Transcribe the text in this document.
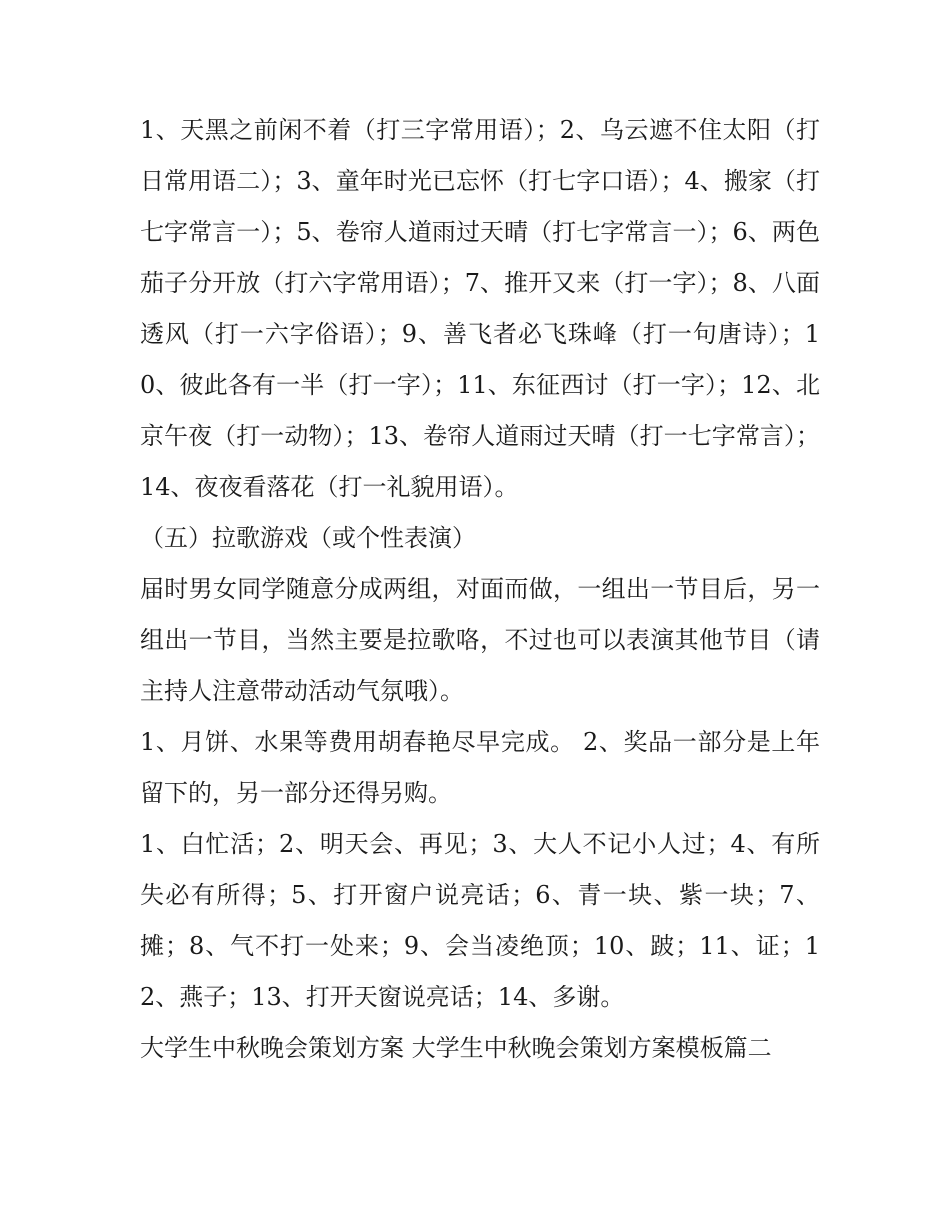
1、天黑之前闲不着（打三字常用语）；2、乌云遮不住太阳（打日常用语二）；3、童年时光已忘怀（打七字口语）；4、搬家（打七字常言一）；5、卷帘人道雨过天晴（打七字常言一）；6、两色茄子分开放（打六字常用语）；7、推开又来（打一字）；8、八面透风（打一六字俗语）；9、善飞者必飞珠峰（打一句唐诗）；10、彼此各有一半（打一字）；11、东征西讨（打一字）；12、北京午夜（打一动物）；13、卷帘人道雨过天晴（打一七字常言）；14、夜夜看落花（打一礼貌用语）。

（五）拉歌游戏（或个性表演）

届时男女同学随意分成两组，对面而做，一组出一节目后，另一组出一节目，当然主要是拉歌咯，不过也可以表演其他节目（请主持人注意带动活动气氛哦）。

1、月饼、水果等费用胡春艳尽早完成。 2、奖品一部分是上年留下的，另一部分还得另购。

1、白忙活；2、明天会、再见；3、大人不记小人过；4、有所失必有所得；5、打开窗户说亮话；6、青一块、紫一块；7、摊；8、气不打一处来；9、会当凌绝顶；10、跛；11、证；12、燕子；13、打开天窗说亮话；14、多谢。

大学生中秋晚会策划方案 大学生中秋晚会策划方案模板篇二
